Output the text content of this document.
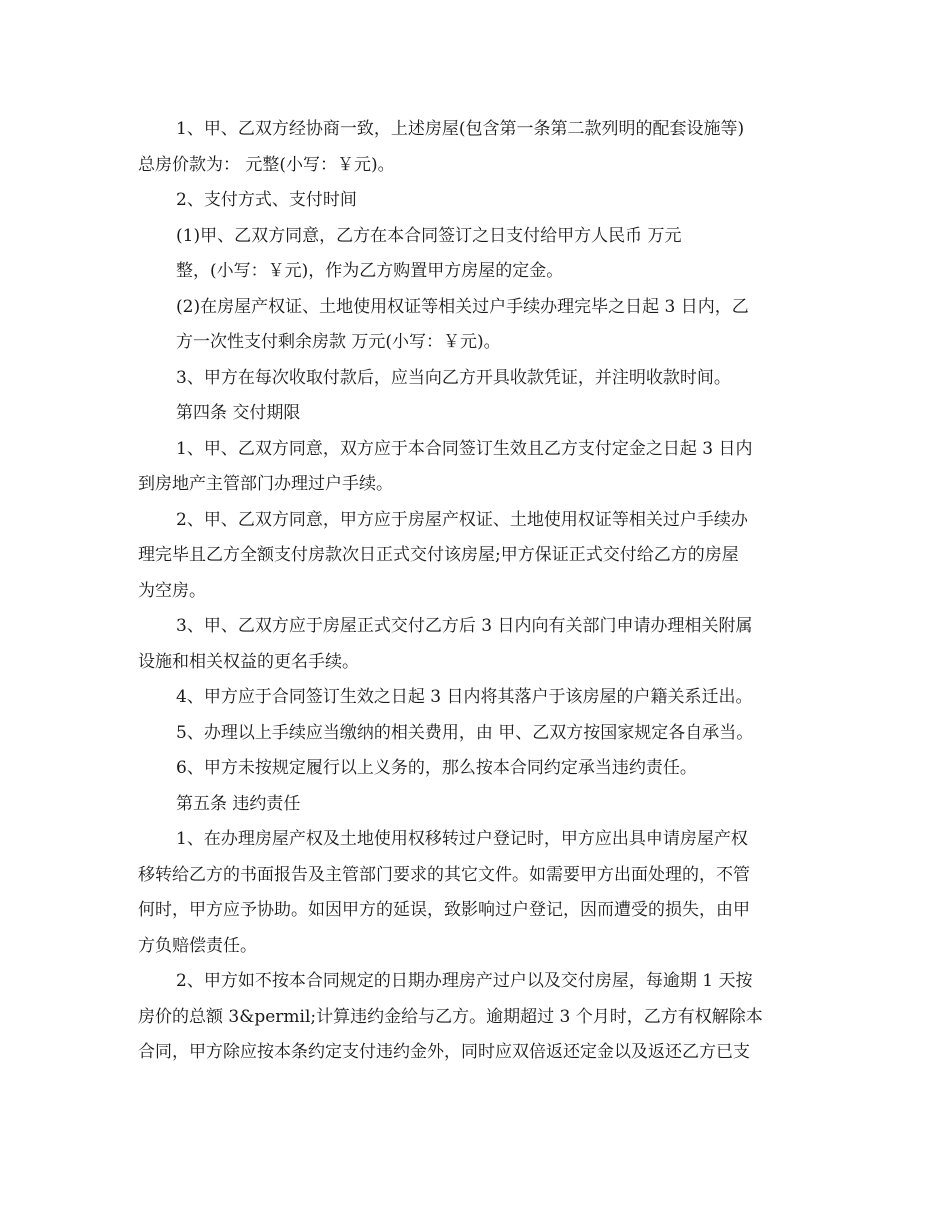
1、甲、乙双方经协商一致，上述房屋(包含第一条第二款列明的配套设施等)
总房价款为： 元整(小写：￥元)。
2、支付方式、支付时间
(1)甲、乙双方同意，乙方在本合同签订之日支付给甲方人民币 万元
整，(小写：￥元)，作为乙方购置甲方房屋的定金。
(2)在房屋产权证、土地使用权证等相关过户手续办理完毕之日起 3 日内，乙
方一次性支付剩余房款 万元(小写：￥元)。
3、甲方在每次收取付款后，应当向乙方开具收款凭证，并注明收款时间。
第四条 交付期限
1、甲、乙双方同意，双方应于本合同签订生效且乙方支付定金之日起 3 日内
到房地产主管部门办理过户手续。
2、甲、乙双方同意，甲方应于房屋产权证、土地使用权证等相关过户手续办
理完毕且乙方全额支付房款次日正式交付该房屋;甲方保证正式交付给乙方的房屋
为空房。
3、甲、乙双方应于房屋正式交付乙方后 3 日内向有关部门申请办理相关附属
设施和相关权益的更名手续。
4、甲方应于合同签订生效之日起 3 日内将其落户于该房屋的户籍关系迁出。
5、办理以上手续应当缴纳的相关费用，由 甲、乙双方按国家规定各自承当。
6、甲方未按规定履行以上义务的，那么按本合同约定承当违约责任。
第五条 违约责任
1、在办理房屋产权及土地使用权移转过户登记时，甲方应出具申请房屋产权
移转给乙方的书面报告及主管部门要求的其它文件。如需要甲方出面处理的，不管
何时，甲方应予协助。如因甲方的延误，致影响过户登记，因而遭受的损失，由甲
方负赔偿责任。
2、甲方如不按本合同规定的日期办理房产过户以及交付房屋，每逾期 1 天按
房价的总额 3&permil;计算违约金给与乙方。逾期超过 3 个月时，乙方有权解除本
合同，甲方除应按本条约定支付违约金外，同时应双倍返还定金以及返还乙方已支
